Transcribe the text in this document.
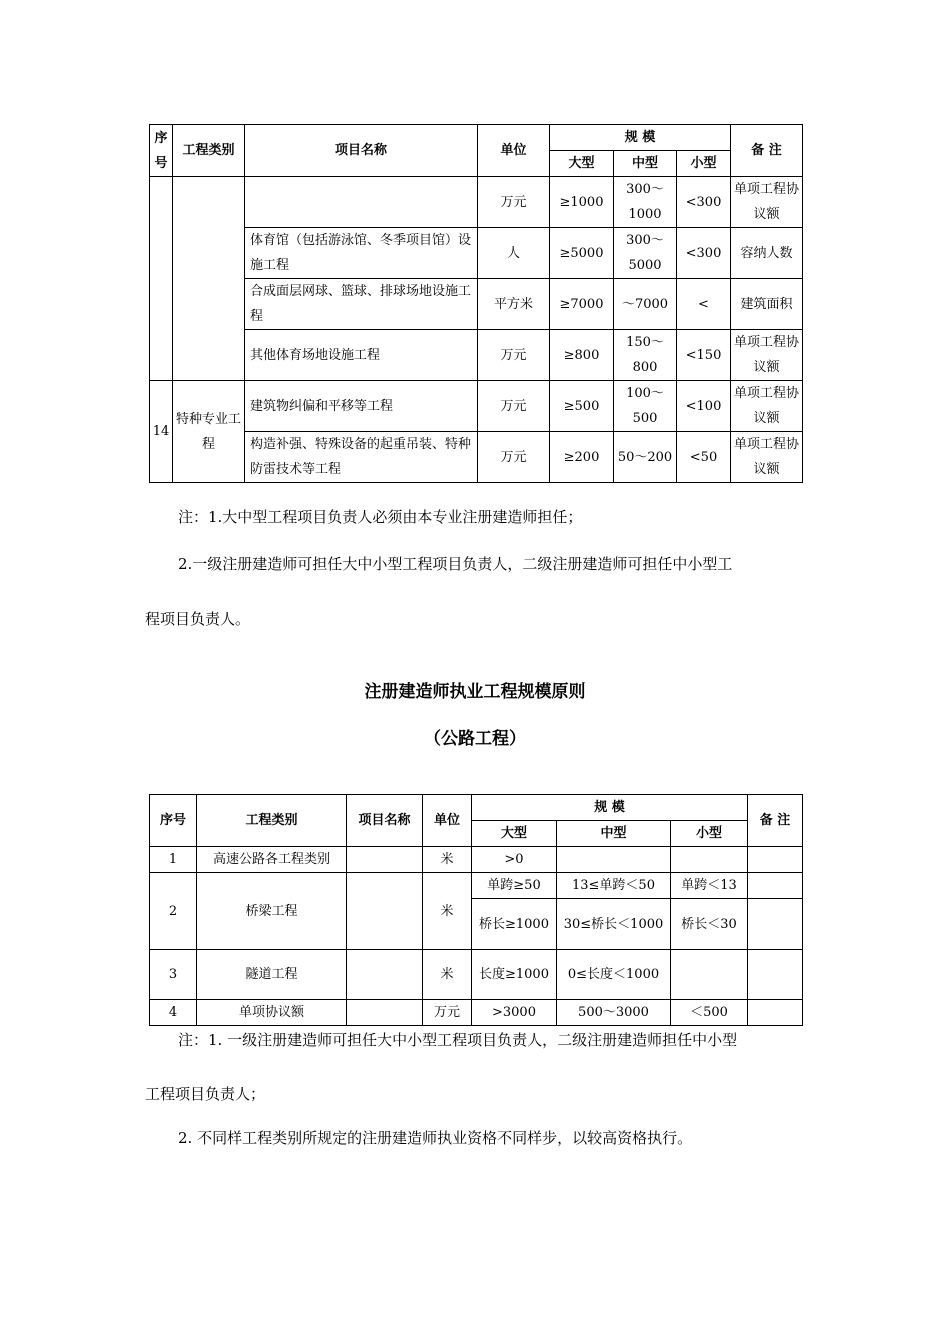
序号	工程类别	项目名称	单位	规 模			备 注
				大型	中型	小型	
			万元	≥1000	300～1000	<300	单项工程协议额
		体育馆（包括游泳馆、冬季项目馆）设施工程	人	≥5000	300～5000	<300	容纳人数
		合成面层网球、篮球、排球场地设施工程	平方米	≥7000	～7000	<	建筑面积
		其他体育场地设施工程	万元	≥800	150～800	<150	单项工程协议额
14	特种专业工程	建筑物纠偏和平移等工程	万元	≥500	100～500	<100	单项工程协议额
		构造补强、特殊设备的起重吊装、特种防雷技术等工程	万元	≥200	50～200	<50	单项工程协议额
注：1.大中型工程项目负责人必须由本专业注册建造师担任；
2.一级注册建造师可担任大中小型工程项目负责人，二级注册建造师可担任中小型工
程项目负责人。
注册建造师执业工程规模原则
（公路工程）
序号	工程类别	项目名称	单位	规 模			备 注
				大型	中型	小型	
1	高速公路各工程类别		米	>0			
2	桥梁工程		米	单跨≥50	13≤单跨＜50	单跨＜13	
				桥长≥1000	30≤桥长＜1000	桥长＜30	
3	隧道工程		米	长度≥1000	0≤长度＜1000		
4	单项协议额		万元	>3000	500～3000	＜500	
注：1. 一级注册建造师可担任大中小型工程项目负责人，二级注册建造师担任中小型
工程项目负责人；
2. 不同样工程类别所规定的注册建造师执业资格不同样步，以较高资格执行。
